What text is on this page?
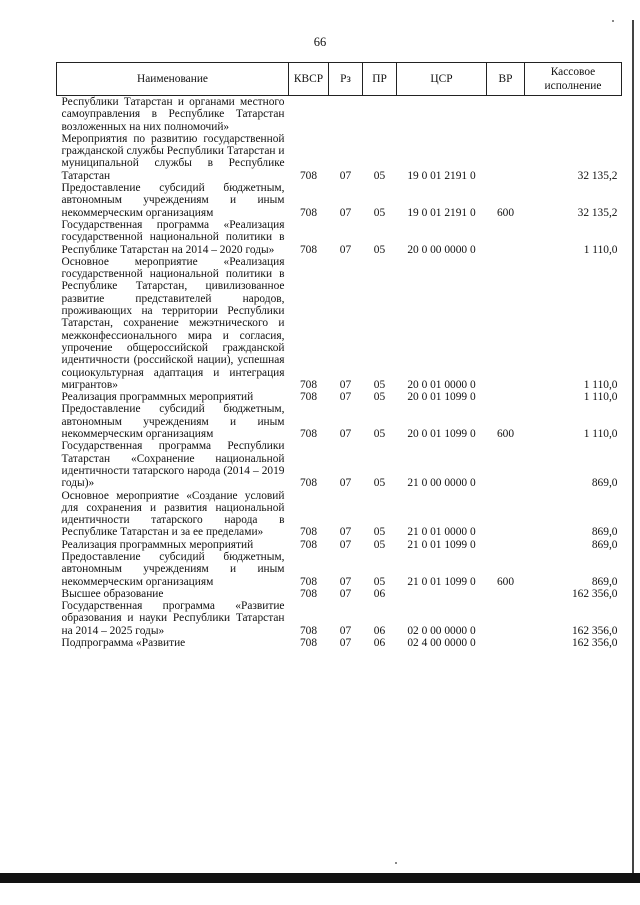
66
Наименование	КВСР	Рз	ПР	ЦСР	ВР	Кассовое исполнение
Республики Татарстан и органами местного самоуправления в Республике Татарстан возложенных на них полномочий»						
Мероприятия по развитию государственной гражданской службы Республики Татарстан и муниципальной службы в Республике Татарстан	708	07	05	19 0 01 2191 0		32 135,2
Предоставление субсидий бюджетным, автономным учреждениям и иным некоммерческим организациям	708	07	05	19 0 01 2191 0	600	32 135,2
Государственная программа «Реализация государственной национальной политики в Республике Татарстан на 2014 – 2020 годы»	708	07	05	20 0 00 0000 0		1 110,0
Основное мероприятие «Реализация государственной национальной политики в Республике Татарстан, цивилизованное развитие представителей народов, проживающих на территории Республики Татарстан, сохранение межэтнического и межконфессионального мира и согласия, упрочение общероссийской гражданской идентичности (российской нации), успешная социокультурная адаптация и интеграция мигрантов»	708	07	05	20 0 01 0000 0		1 110,0
Реализация программных мероприятий	708	07	05	20 0 01 1099 0		1 110,0
Предоставление субсидий бюджетным, автономным учреждениям и иным некоммерческим организациям	708	07	05	20 0 01 1099 0	600	1 110,0
Государственная программа Республики Татарстан «Сохранение национальной идентичности татарского народа (2014 – 2019 годы)»	708	07	05	21 0 00 0000 0		869,0
Основное мероприятие «Создание условий для сохранения и развития национальной идентичности татарского народа в Республике Татарстан и за ее пределами»	708	07	05	21 0 01 0000 0		869,0
Реализация программных мероприятий	708	07	05	21 0 01 1099 0		869,0
Предоставление субсидий бюджетным, автономным учреждениям и иным некоммерческим организациям	708	07	05	21 0 01 1099 0	600	869,0
Высшее образование	708	07	06			162 356,0
Государственная программа «Развитие образования и науки Республики Татарстан на 2014 – 2025 годы»	708	07	06	02 0 00 0000 0		162 356,0
Подпрограмма «Развитие	708	07	06	02 4 00 0000 0		162 356,0
